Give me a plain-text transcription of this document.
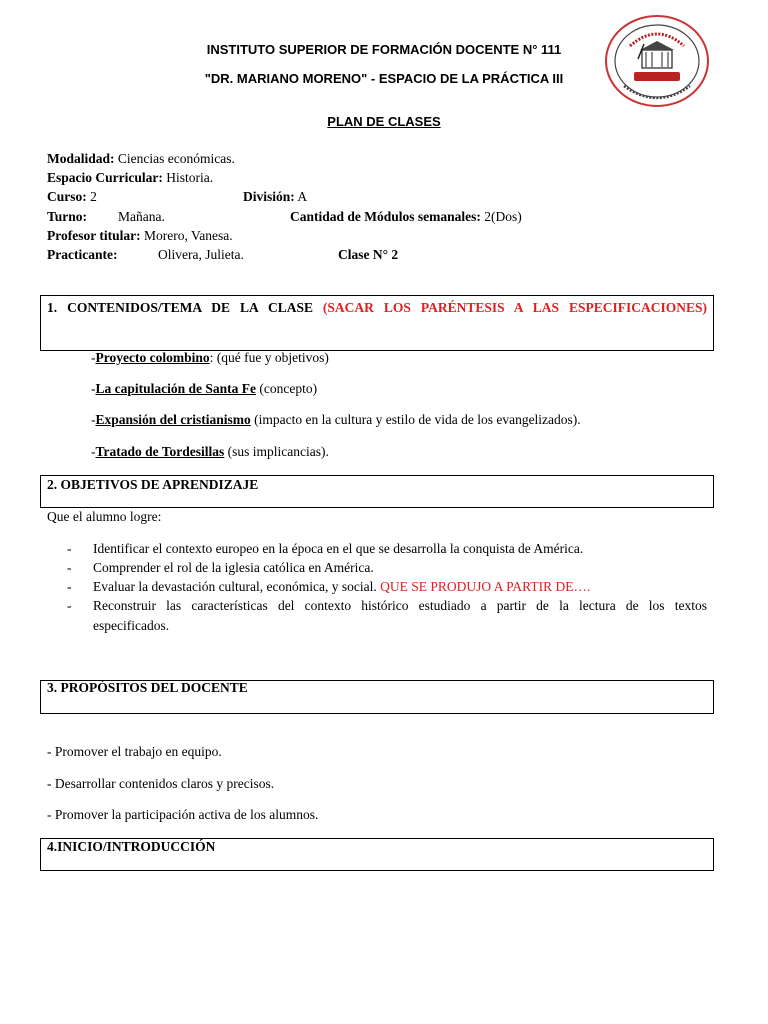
INSTITUTO SUPERIOR DE FORMACIÓN DOCENTE N° 111
"DR. MARIANO MORENO" - ESPACIO DE LA PRÁCTICA III
PLAN DE CLASES
Modalidad: Ciencias económicas.
Espacio Curricular: Historia.
Curso: 2	División: A
Turno: Mañana.	Cantidad de Módulos semanales: 2(Dos)
Profesor titular: Morero, Vanesa.
Practicante:	Olivera, Julieta.	Clase N° 2
1. CONTENIDOS/TEMA DE LA CLASE (SACAR LOS PARÉNTESIS A LAS ESPECIFICACIONES)
-Proyecto colombino: (qué fue y objetivos)
-La capitulación de Santa Fe (concepto)
-Expansión del cristianismo (impacto en la cultura y estilo de vida de los evangelizados).
-Tratado de Tordesillas (sus implicancias).
2. OBJETIVOS DE APRENDIZAJE
Que el alumno logre:
- Identificar el contexto europeo en la época en el que se desarrolla la conquista de América.
- Comprender el rol de la iglesia católica en América.
- Evaluar la devastación cultural, económica, y social. QUE SE PRODUJO A PARTIR DE….
- Reconstruir las características del contexto histórico estudiado a partir de la lectura de los textos
especificados.
3. PROPÓSITOS DEL DOCENTE
- Promover el trabajo en equipo.
- Desarrollar contenidos claros y precisos.
- Promover la participación activa de los alumnos.
4.INICIO/INTRODUCCIÓN
